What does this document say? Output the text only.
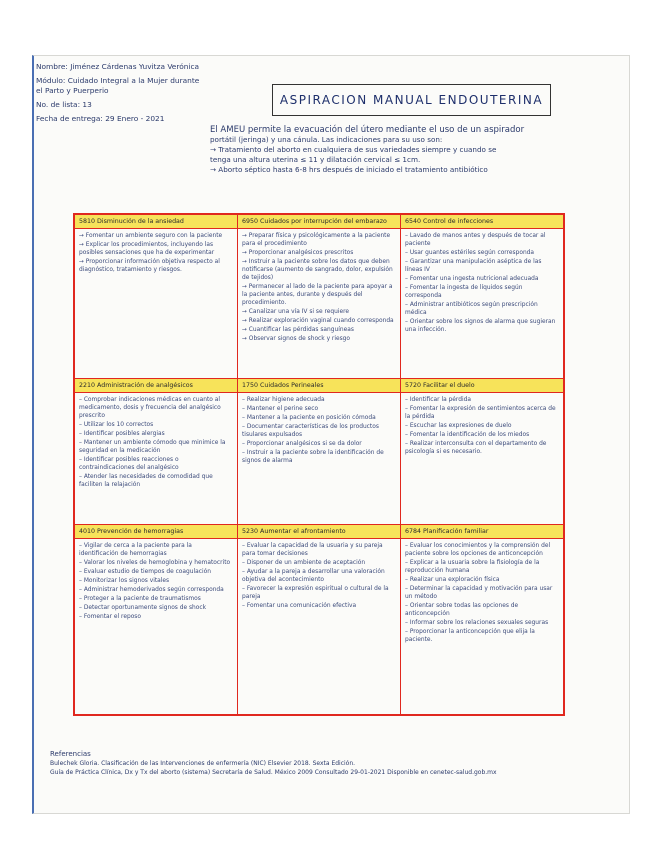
Nombre: Jiménez Cárdenas Yuvitza Verónica
Módulo: Cuidado Integral a la Mujer durante el Parto y Puerperio
No. de lista: 13
Fecha de entrega: 29 Enero - 2021
ASPIRACION MANUAL ENDOUTERINA
El AMEU permite la evacuación del útero mediante el uso de un aspirador
portátil (jeringa) y una cánula. Las indicaciones para su uso son:
→ Tratamiento del aborto en cualquiera de sus variedades siempre y cuando se
tenga una altura uterina ≤ 11 y dilatación cervical ≤ 1cm.
→ Aborto séptico hasta 6-8 hrs después de iniciado el tratamiento antibiótico
5810 Disminución de la ansiedad
→ Fomentar un ambiente seguro con la paciente
→ Explicar los procedimientos, incluyendo las posibles sensaciones que ha de experimentar
→ Proporcionar información objetiva respecto al diagnóstico, tratamiento y riesgos.
6950 Cuidados por interrupción del embarazo
→ Preparar física y psicológicamente a la paciente para el procedimiento
→ Proporcionar analgésicos prescritos
→ Instruir a la paciente sobre los datos que deben notificarse (aumento de sangrado, dolor, expulsión de tejidos)
→ Permanecer al lado de la paciente para apoyar a la paciente antes, durante y después del procedimiento.
→ Canalizar una vía IV si se requiere
→ Realizar exploración vaginal cuando corresponda
→ Cuantificar las pérdidas sanguíneas
→ Observar signos de shock y riesgo
6540 Control de infecciones
– Lavado de manos antes y después de tocar al paciente
– Usar guantes estériles según corresponda
– Garantizar una manipulación aséptica de las líneas IV
– Fomentar una ingesta nutricional adecuada
– Fomentar la ingesta de líquidos según corresponda
– Administrar antibióticos según prescripción médica
– Orientar sobre los signos de alarma que sugieran una infección.
2210 Administración de analgésicos
– Comprobar indicaciones médicas en cuanto al medicamento, dosis y frecuencia del analgésico prescrito
– Utilizar los 10 correctos
– Identificar posibles alergias
– Mantener un ambiente cómodo que minimice la seguridad en la medicación
– Identificar posibles reacciones o contraindicaciones del analgésico
– Atender las necesidades de comodidad que faciliten la relajación
1750 Cuidados Perineales
– Realizar higiene adecuada
– Mantener el perine seco
– Mantener a la paciente en posición cómoda
– Documentar características de los productos tisulares expulsados
– Proporcionar analgésicos si se da dolor
– Instruir a la paciente sobre la identificación de signos de alarma
5720 Facilitar el duelo
– Identificar la pérdida
– Fomentar la expresión de sentimientos acerca de la pérdida
– Escuchar las expresiones de duelo
– Fomentar la identificación de los miedos
– Realizar interconsulta con el departamento de psicología si es necesario.
4010 Prevención de hemorragias
– Vigilar de cerca a la paciente para la identificación de hemorragias
– Valorar los niveles de hemoglobina y hematocrito
– Evaluar estudio de tiempos de coagulación
– Monitorizar los signos vitales
– Administrar hemoderivados según corresponda
– Proteger a la paciente de traumatismos
– Detectar oportunamente signos de shock
– Fomentar el reposo
5230 Aumentar el afrontamiento
– Evaluar la capacidad de la usuaria y su pareja para tomar decisiones
– Disponer de un ambiente de aceptación
– Ayudar a la pareja a desarrollar una valoración objetiva del acontecimiento
– Favorecer la expresión espiritual o cultural de la pareja
– Fomentar una comunicación efectiva
6784 Planificación familiar
– Evaluar los conocimientos y la comprensión del paciente sobre los opciones de anticoncepción
– Explicar a la usuaria sobre la fisiología de la reproducción humana
– Realizar una exploración física
– Determinar la capacidad y motivación para usar un método
– Orientar sobre todas las opciones de anticoncepción
– Informar sobre los relaciones sexuales seguras
– Proporcionar la anticoncepción que elija la paciente.
Referencias
Bulechek Gloria. Clasificación de las Intervenciones de enfermería (NIC) Elsevier 2018. Sexta Edición.
Guía de Práctica Clínica, Dx y Tx del aborto (sistema) Secretaría de Salud. México 2009 Consultado 29-01-2021 Disponible en cenetec-salud.gob.mx
